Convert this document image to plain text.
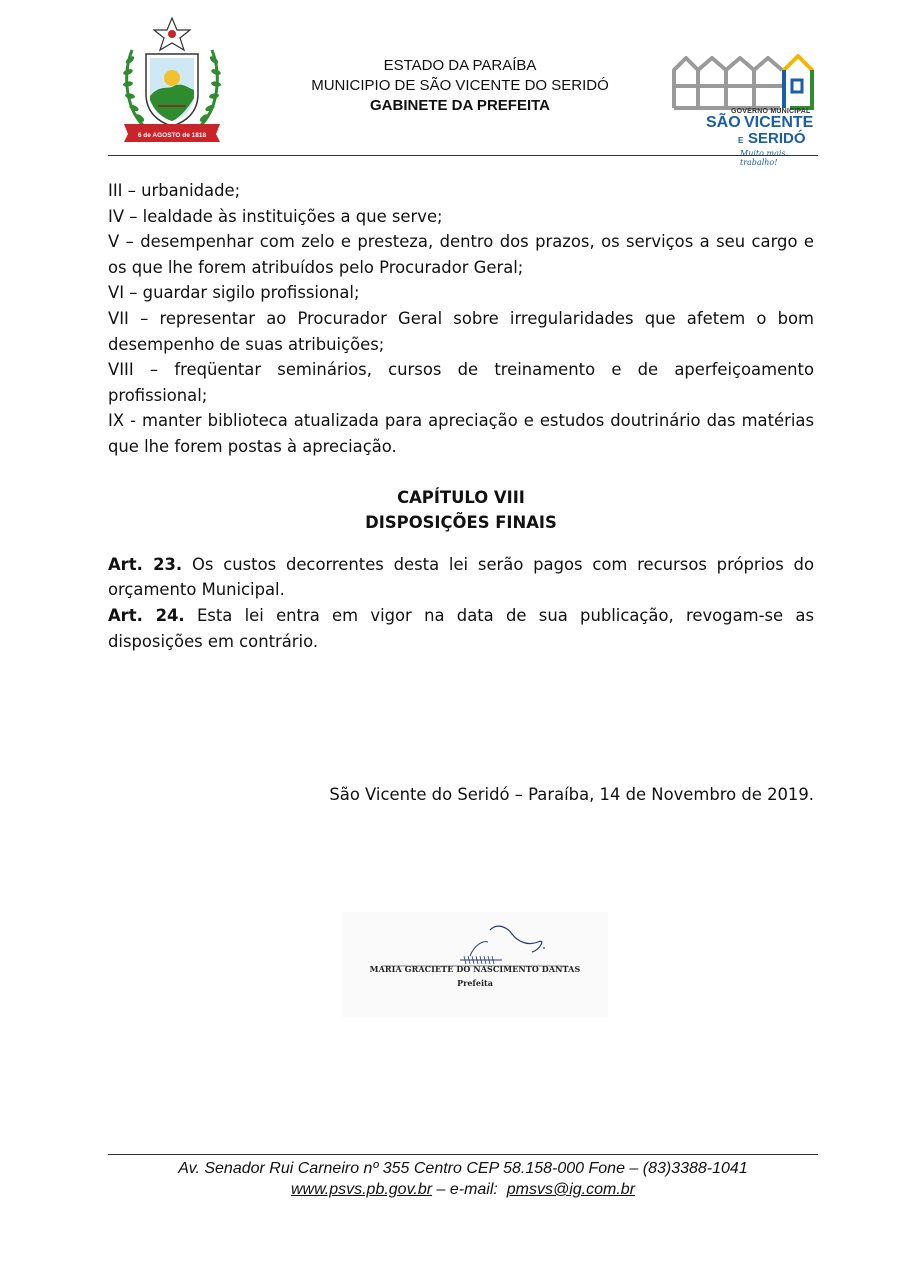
6 de AGOSTO de 1818
ESTADO DA PARAÍBA
MUNICIPIO DE SÃO VICENTE DO SERIDÓ
GABINETE DA PREFEITA	GOVERNO MUNICIPAL
SÃO VICENTE
E SERIDÓ
Muito mais trabalho!

III – urbanidade;

IV – lealdade às instituições a que serve;

V – desempenhar com zelo e presteza, dentro dos prazos, os serviços a seu cargo e os que lhe forem atribuídos pelo Procurador Geral;

VI – guardar sigilo profissional;

VII – representar ao Procurador Geral sobre irregularidades que afetem o bom desempenho de suas atribuições;

VIII – freqüentar seminários, cursos de treinamento e de aperfeiçoamento profissional;

IX - manter biblioteca atualizada para apreciação e estudos doutrinário das matérias que lhe forem postas à apreciação.

CAPÍTULO VIII

DISPOSIÇÕES FINAIS

Art. 23. Os custos decorrentes desta lei serão pagos com recursos próprios do orçamento Municipal.

Art. 24. Esta lei entra em vigor na data de sua publicação, revogam-se as disposições em contrário.

São Vicente do Seridó – Paraíba, 14 de Novembro de 2019.
MARIA GRACIETE DO NASCIMENTO DANTAS
Prefeita
Av. Senador Rui Carneiro nº 355 Centro CEP 58.158-000 Fone – (83)3388-1041
www.psvs.pb.gov.br – e-mail:  pmsvs@ig.com.br
